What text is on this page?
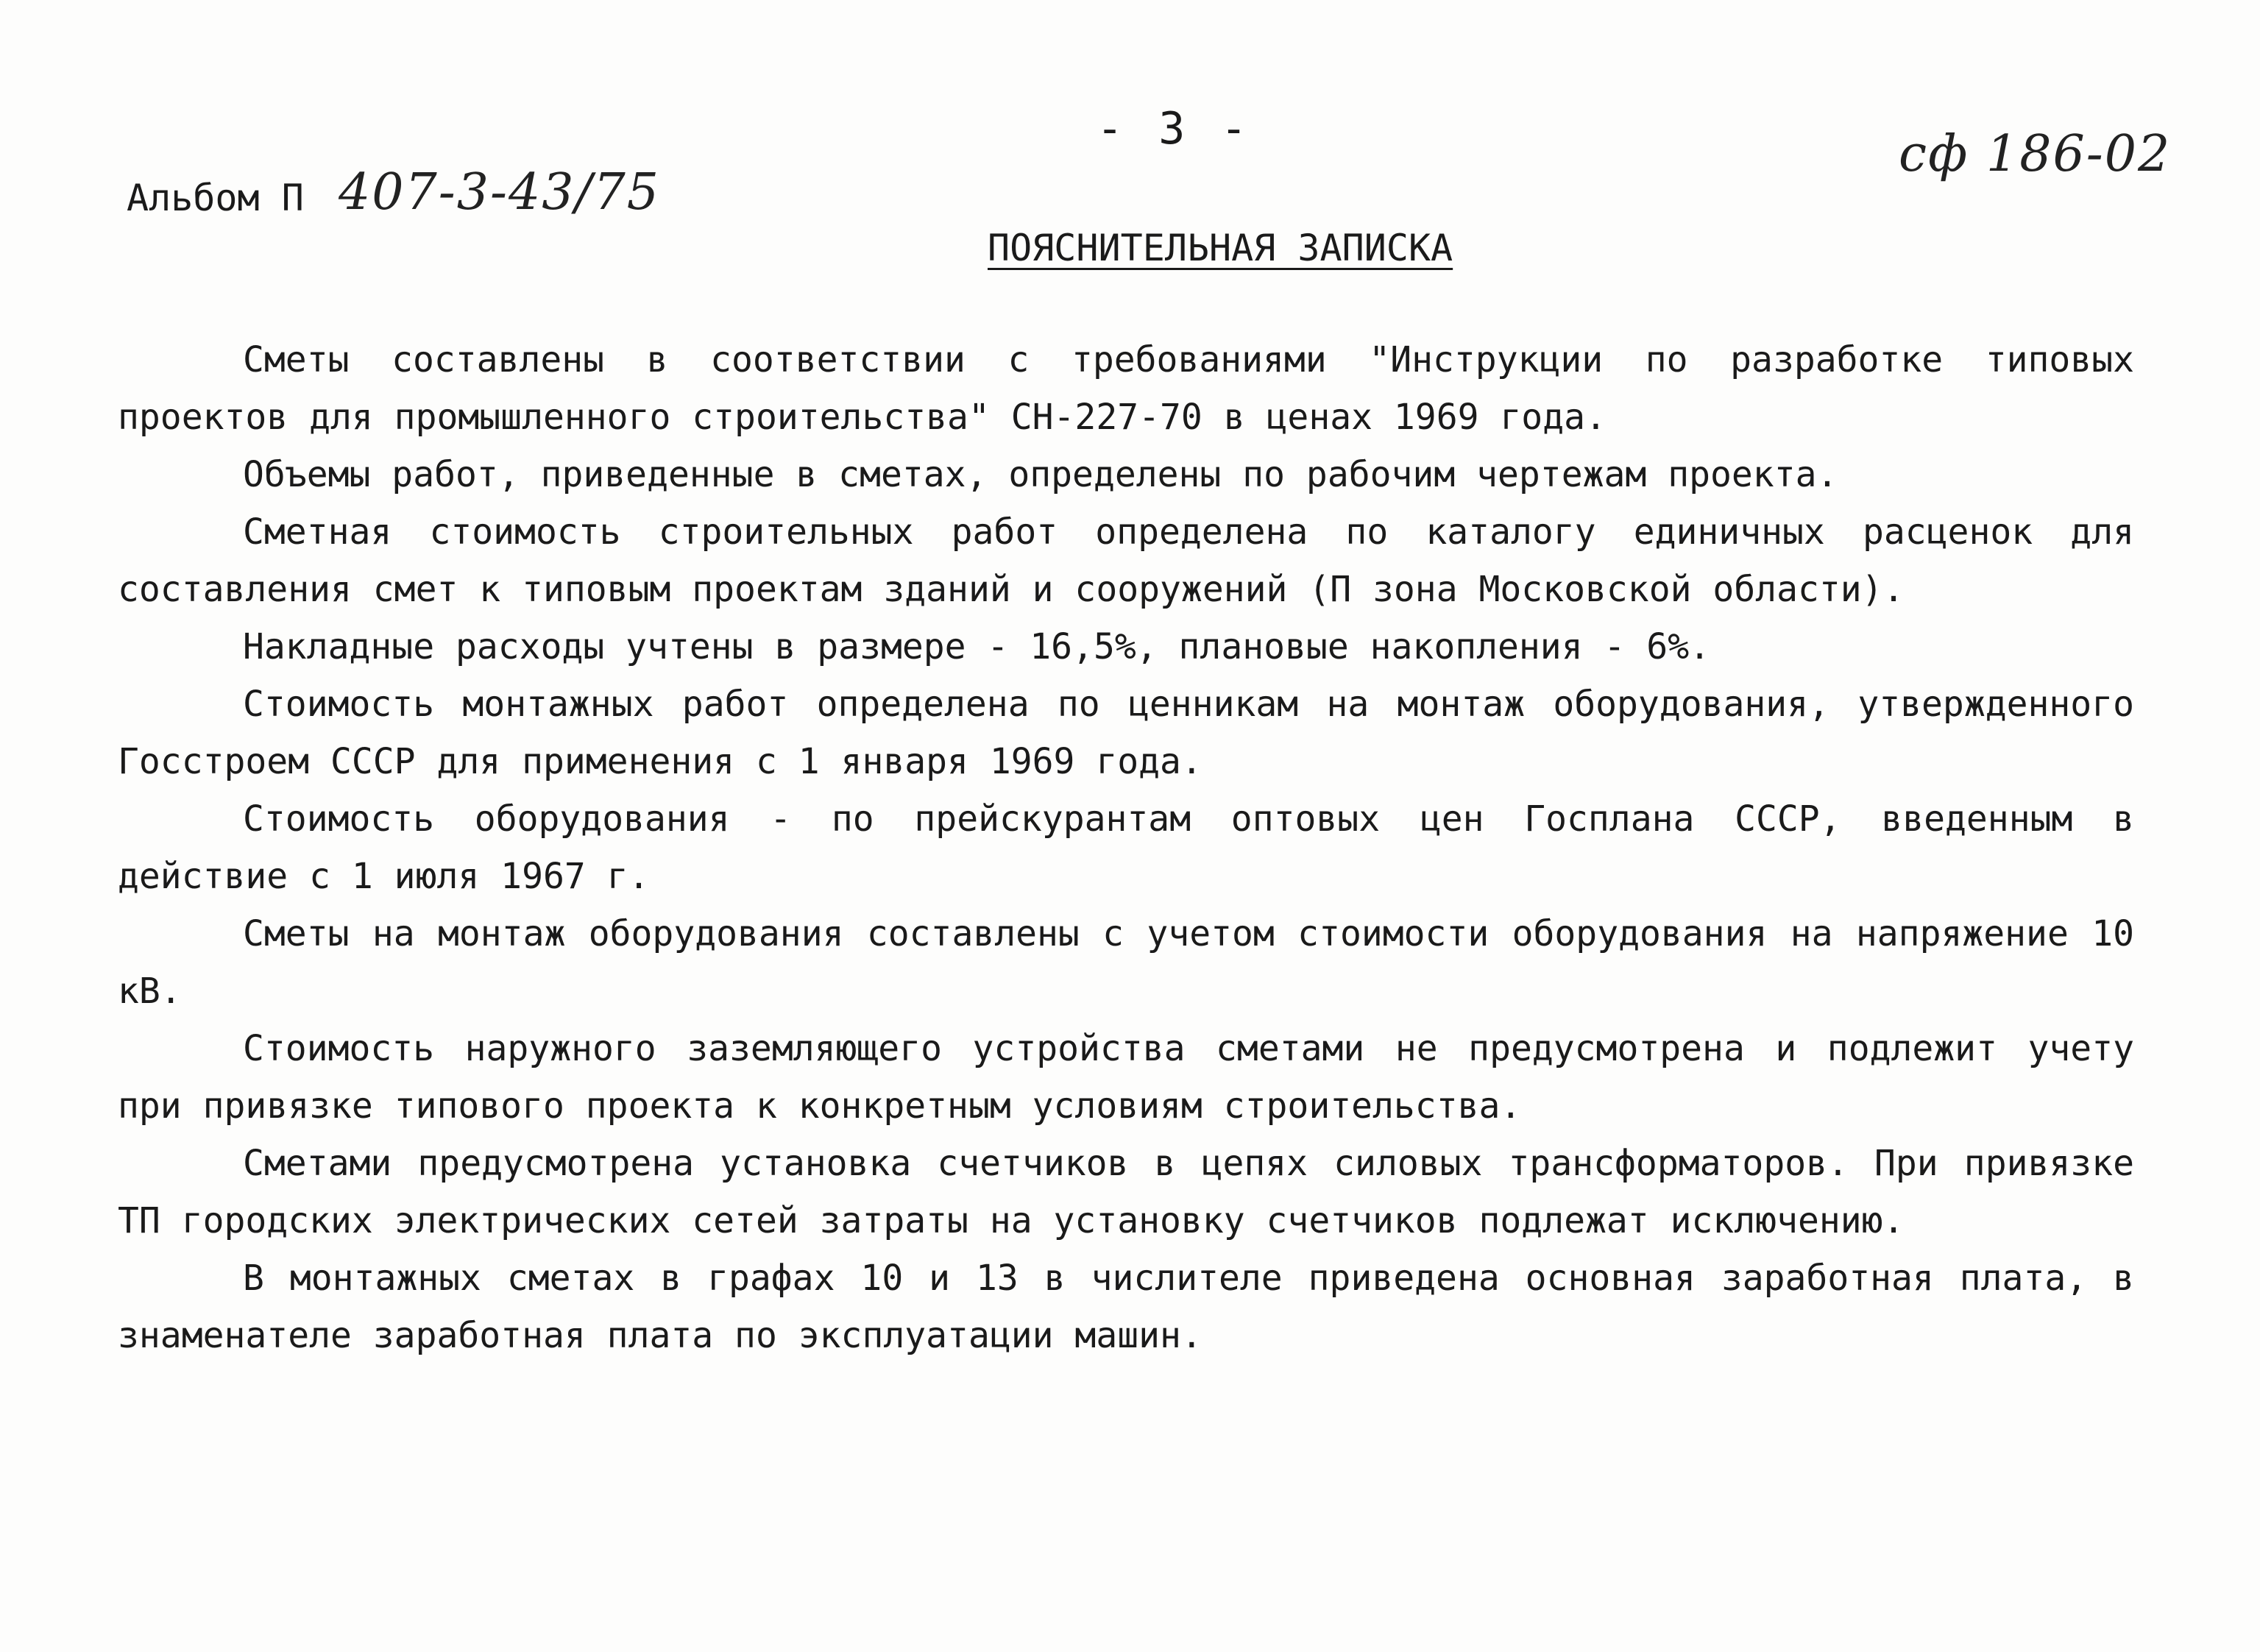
- 3 -
Альбом П 407-3-43/75
сф 186-02
ПОЯСНИТЕЛЬНАЯ ЗАПИСКА

Сметы составлены в соответствии с требованиями "Инструкции по разработке типовых проектов для промышленного строительства" СН-227-70 в ценах 1969 года.

Объемы работ, приведенные в сметах, определены по рабочим чертежам проекта.

Сметная стоимость строительных работ определена по каталогу единичных расценок для составления смет к типовым проектам зданий и сооружений (П зона Московской области).

Накладные расходы учтены в размере - 16,5%, плановые накопления - 6%.

Стоимость монтажных работ определена по ценникам на монтаж оборудования, утвержденного Госстроем СССР для применения с 1 января 1969 года.

Стоимость оборудования - по прейскурантам оптовых цен Госплана СССР, введенным в действие с 1 июля 1967 г.

Сметы на монтаж оборудования составлены с учетом стоимости оборудования на напряжение 10 кВ.

Стоимость наружного заземляющего устройства сметами не предусмотрена и подлежит учету при привязке типового проекта к конкретным условиям строительства.

Сметами предусмотрена установка счетчиков в цепях силовых трансформаторов. При привязке ТП городских электрических сетей затраты на установку счетчиков подлежат исключению.

В монтажных сметах в графах 10 и 13 в числителе приведена основная заработная плата, в знаменателе заработная плата по эксплуатации машин.
